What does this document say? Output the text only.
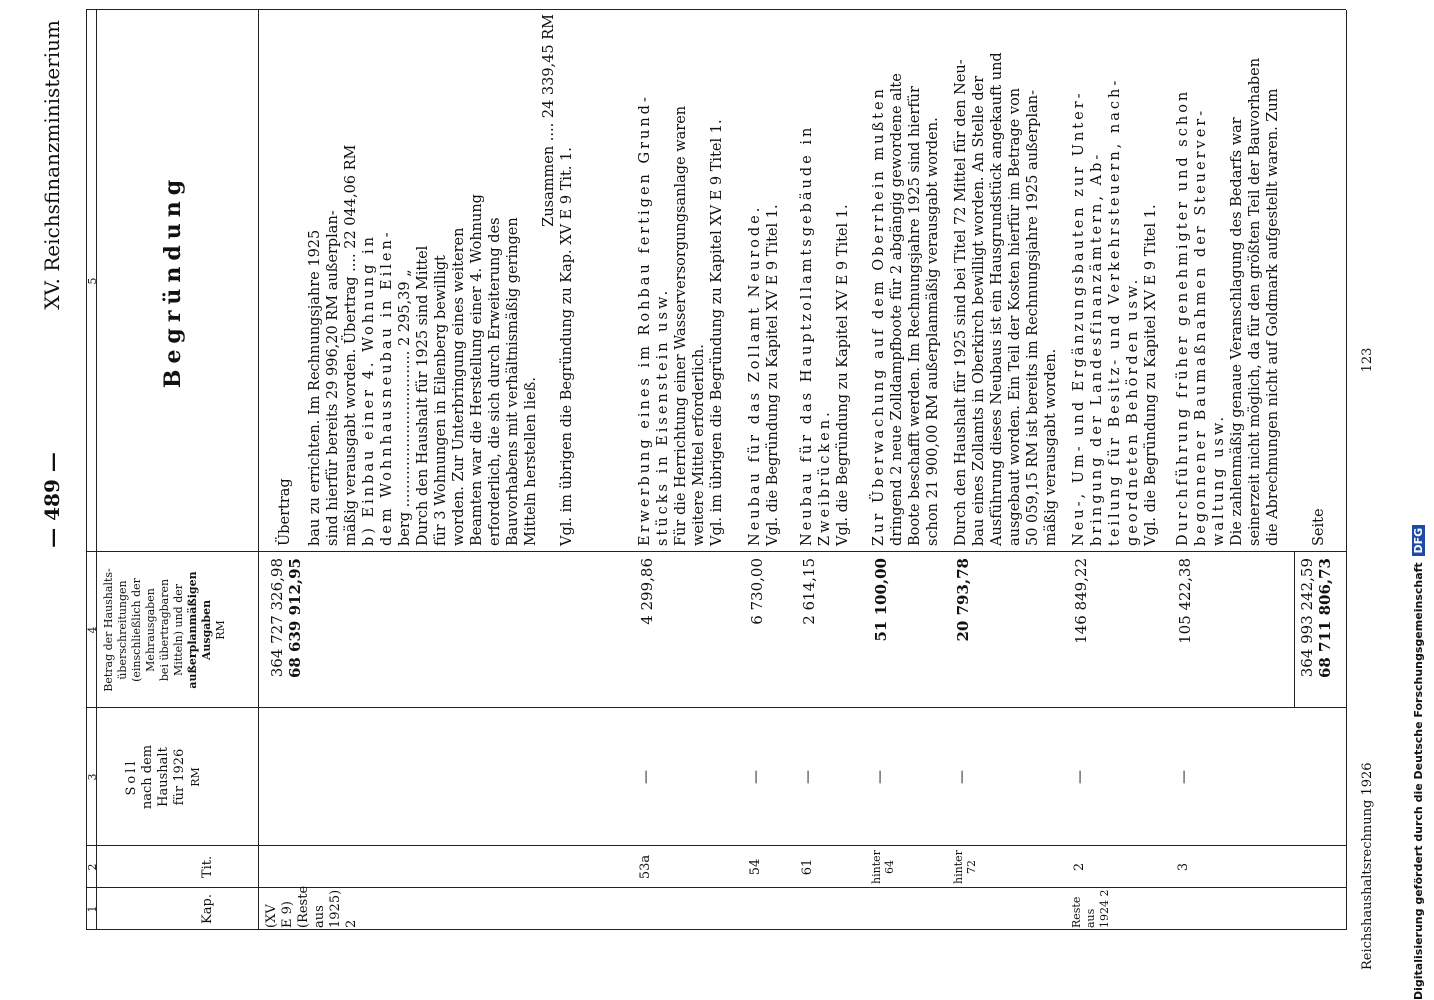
— 489 —
XV. Reichsfinanzministerium
1
2
3
4
5
Kap.
Tit.
Soll nach dem Haushalt für 1926 RM
Betrag der Haushalts- überschreitungen (einschließlich der Mehrausgaben bei übertragbaren Mitteln) und der außerplanmäßigen Ausgaben RM
Begründung
(XV E 9) (Reste aus 1925) 2
364 727 326,98 68 639 912,95
Übertrag bau zu errichten. Im Rechnungsjahre 1925 sind hierfür bereits 29 996,20 RM außerplan- mäßig verausgabt worden. Übertrag .... 22 044,06 RM b) Einbau einer 4. Wohnung in dem Wohnhausneubau in Eilen- berg .................................. 2 295,39 „ Durch den Haushalt für 1925 sind Mittel für 3 Wohnungen in Eilenberg bewilligt worden. Zur Unterbringung eines weiteren Beamten war die Herstellung einer 4. Wohnung erforderlich, die sich durch Erweiterung des Bauvorhabens mit verhältnismäßig geringen Mitteln herstellen ließ.
Zusammen .... 24 339,45 RM
Vgl. im übrigen die Begründung zu Kap. XV E 9 Tit. 1.
53a
—
4 299,86
Erwerbung eines im Rohbau fertigen Grund- stücks in Eisenstein usw. Für die Herrichtung einer Wasserversorgungsanlage waren weitere Mittel erforderlich. Vgl. im übrigen die Begründung zu Kapitel XV E 9 Titel 1.
54
—
6 730,00
Neubau für das Zollamt Neurode. Vgl. die Begründung zu Kapitel XV E 9 Titel 1.
61
—
2 614,15
Neubau für das Hauptzollamtsgebäude in Zweibrücken. Vgl. die Begründung zu Kapitel XV E 9 Titel 1.
hinter 64
—
51 100,00
Zur Überwachung auf dem Oberrhein mußten dringend 2 neue Zolldampfboote für 2 abgängig gewordene alte Boote beschafft werden. Im Rechnungsjahre 1925 sind hierfür schon 21 900,00 RM außerplanmäßig verausgabt worden.
hinter 72
—
20 793,78
Durch den Haushalt für 1925 sind bei Titel 72 Mittel für den Neu- bau eines Zollamts in Oberkirch bewilligt worden. An Stelle der Ausführung dieses Neubaus ist ein Hausgrundstück angekauft und ausgebaut worden. Ein Teil der Kosten hierfür im Betrage von 50 059,15 RM ist bereits im Rechnungsjahre 1925 außerplan- mäßig verausgabt worden.
Reste aus 1924 2
2
—
146 849,22
Neu-, Um- und Ergänzungsbauten zur Unter- bringung der Landesfinanzämtern, Ab- teilung für Besitz- und Verkehrsteuern, nach- geordneten Behörden usw. Vgl. die Begründung zu Kapitel XV E 9 Titel 1.
3
—
105 422,38
Durchführung früher genehmigter und schon begonnener Baumaßnahmen der Steuerver- waltung usw. Die zahlenmäßig genaue Veranschlagung des Bedarfs war seinerzeit nicht möglich, da für den größten Teil der Bauvorhaben die Abrechnungen nicht auf Goldmark aufgestellt waren. Zum
364 993 242,59 68 711 806,73
Seite
Reichshaushaltsrechnung 1926
123
Digitalisierung gefördert durch die Deutsche Forschungsgemeinschaft DFG
